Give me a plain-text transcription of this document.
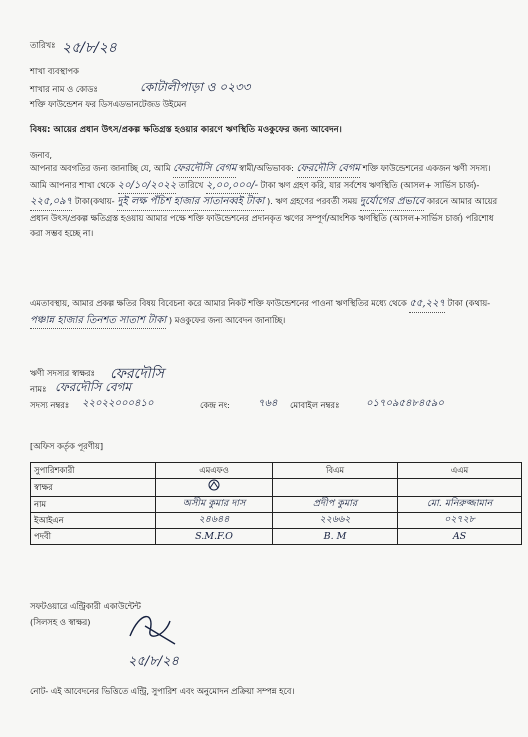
তারিখঃ ২৫/৮/২৪
শাখা ব্যবস্থাপক
শাখার নাম ও কোডঃ	কোটালীপাড়া ও ০২৩৩
শক্তি ফাউন্ডেশন ফর ডিসএডভানটেজড উইমেন
বিষয়: আয়ের প্রধান উৎস/প্রকল্প ক্ষতিগ্রস্ত হওয়ার কারণে ঋণস্থিতি মওকুফের জন্য আবেদন।
জনাব,
আপনার অবগতির জন্য জানাচ্ছি যে, আমি ফেরদৌসি বেগম স্বামী/অভিভাবক: ফেরদৌসি বেগম শক্তি ফাউন্ডেশনের একজন ঋণী সদস্য। আমি আপনার শাখা থেকে ২০/১০/২০২২ তারিখে ২,০০,০০০/- টাকা ঋণ গ্রহণ করি, যার সর্বশেষ ঋণস্থিতি (আসল+ সার্ভিস চার্জ)- ২২৫,০৯৭ টাকা(কথায়- দুই লক্ষ পঁচিশ হাজার সাতানব্বই টাকা ). ঋণ গ্রহণের পরবর্তী সময় দুর্যোগের প্রভাবে কারনে আমার আয়ের প্রধান উৎস/প্রকল্প ক্ষতিগ্রস্ত হওয়ায় আমার পক্ষে শক্তি ফাউন্ডেশনের প্রদানকৃত ঋণের সম্পূর্ণ/আংশিক ঋণস্থিতি (আসল+সার্ভিস চার্জ) পরিশোধ করা সম্ভব হচ্ছে না।
এমতাবস্থায়, আমার প্রকল্প ক্ষতির বিষয় বিবেচনা করে আমার নিকট শক্তি ফাউন্ডেশনের পাওনা ঋণস্থিতির মধ্যে থেকে ৫৫,২২৭ টাকা (কথায়- পঞ্চান্ন হাজার তিনশত সাতাশ টাকা ) মওকুফের জন্য আবেদন জানাচ্ছি।
ঋণী সদস্যর স্বাক্ষরঃ ফেরদৌসি
নামঃ ফেরদৌসি বেগম
সদস্য নম্বরঃ ২২০২২০০০৪১০	কেন্দ্র নং:	৭৬৪ মোবাইল নম্বরঃ	০১৭০৯৫৪৮৪৫৯০
[অফিস কর্তৃক পূরণীয়]
সুপারিশকারী	এমএফও	বিএম	এএম
স্বাক্ষর			
নাম	অসীম কুমার দাস	প্রদীপ কুমার	মো. মনিরুজ্জামান
ইআইএন	২৪৬৪৪	২২৬৬২	০২৭২৮
পদবী	S.M.F.O	B. M	AS
সফটওয়ারে এন্ট্রিকারী একাউন্টেন্ট
(সিলসহ ও স্বাক্ষর)
২৫/৮/২৪
নোট- এই আবেদনের ভিত্তিতে এন্ট্রি, সুপারিশ এবং অনুমোদন প্রক্রিয়া সম্পন্ন হবে।
